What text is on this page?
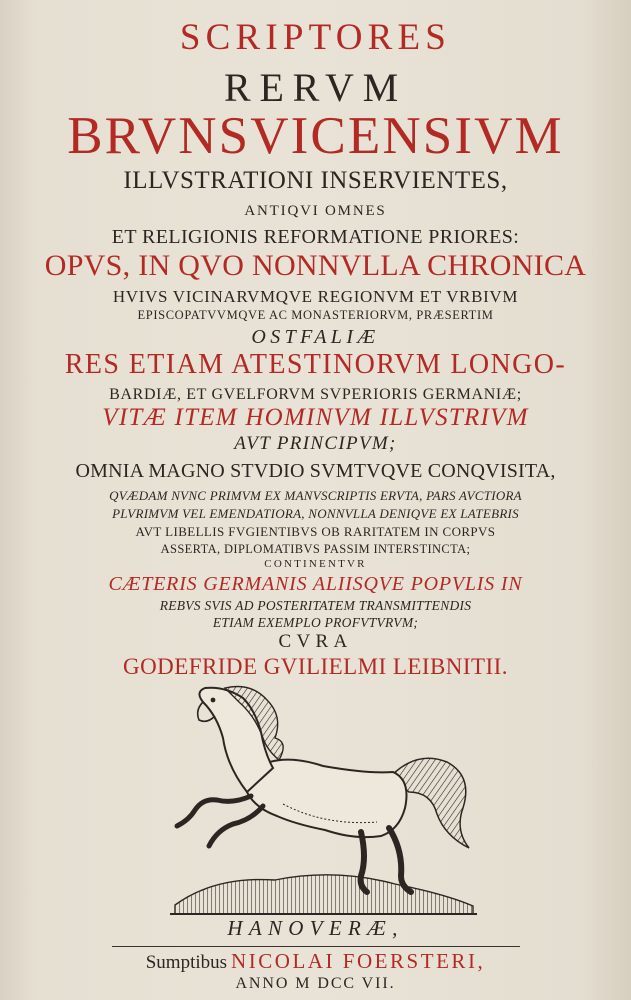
SCRIPTORES
RERVM
BRVNSVICENSIVM
ILLVSTRATIONI INSERVIENTES,
ANTIQVI OMNES
ET RELIGIONIS REFORMATIONE PRIORES:
OPVS, IN QVO NONNVLLA CHRONICA
HVIVS VICINARVMQVE REGIONVM ET VRBIVM
EPISCOPATVVMQVE AC MONASTERIORVM, PRÆSERTIM
OSTFALIÆ
RES ETIAM ATESTINORVM LONGO-
BARDIÆ, ET GVELFORVM SVPERIORIS GERMANIÆ;
VITÆ ITEM HOMINVM ILLVSTRIVM
AVT PRINCIPVM;
OMNIA MAGNO STVDIO SVMTVQVE CONQVISITA,
QVÆDAM NVNC PRIMVM EX MANVSCRIPTIS ERVTA, PARS AVCTIORA
PLVRIMVM VEL EMENDATIORA, NONNVLLA DENIQVE EX LATEBRIS
AVT LIBELLIS FVGIENTIBVS OB RARITATEM IN CORPVS
ASSERTA, DIPLOMATIBVS PASSIM INTERSTINCTA;
CONTINENTVR
CÆTERIS GERMANIS ALIISQVE POPVLIS IN
REBVS SVIS AD POSTERITATEM TRANSMITTENDIS
ETIAM EXEMPLO PROFVTVRVM;
CVRA
GODEFRIDE GVILIELMI LEIBNITII.
HANOVERÆ,
Sumptibus NICOLAI FOERSTERI,
ANNO M DCC VII.
